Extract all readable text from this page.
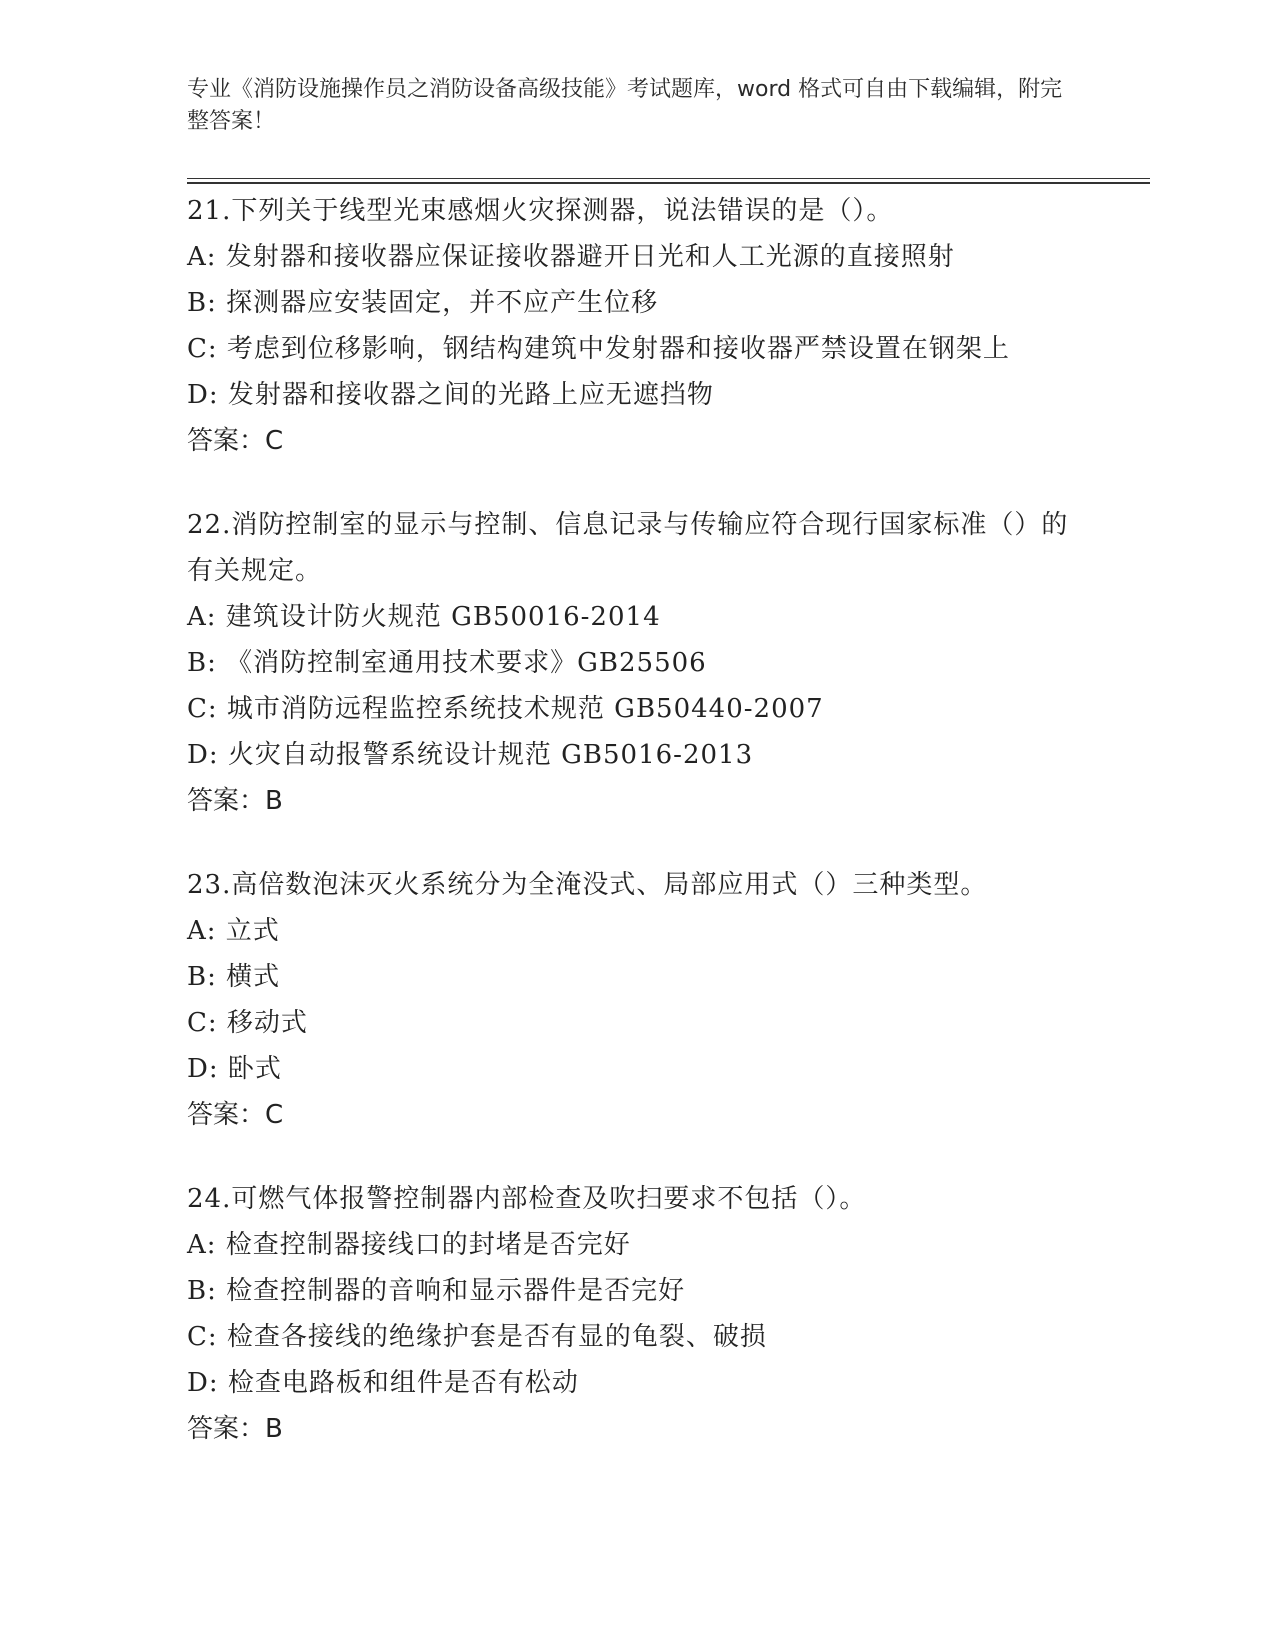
专业《消防设施操作员之消防设备高级技能》考试题库，word 格式可自由下载编辑，附完整答案！
21.下列关于线型光束感烟火灾探测器，说法错误的是（）。
A: 发射器和接收器应保证接收器避开日光和人工光源的直接照射
B: 探测器应安装固定，并不应产生位移
C: 考虑到位移影响，钢结构建筑中发射器和接收器严禁设置在钢架上
D: 发射器和接收器之间的光路上应无遮挡物
答案：C
22.消防控制室的显示与控制、信息记录与传输应符合现行国家标准（）的有关规定。
A: 建筑设计防火规范 GB50016-2014
B: 《消防控制室通用技术要求》GB25506
C: 城市消防远程监控系统技术规范 GB50440-2007
D: 火灾自动报警系统设计规范 GB5016-2013
答案：B
23.高倍数泡沫灭火系统分为全淹没式、局部应用式（）三种类型。
A: 立式
B: 横式
C: 移动式
D: 卧式
答案：C
24.可燃气体报警控制器内部检查及吹扫要求不包括（）。
A: 检查控制器接线口的封堵是否完好
B: 检查控制器的音响和显示器件是否完好
C: 检查各接线的绝缘护套是否有显的龟裂、破损
D: 检查电路板和组件是否有松动
答案：B
